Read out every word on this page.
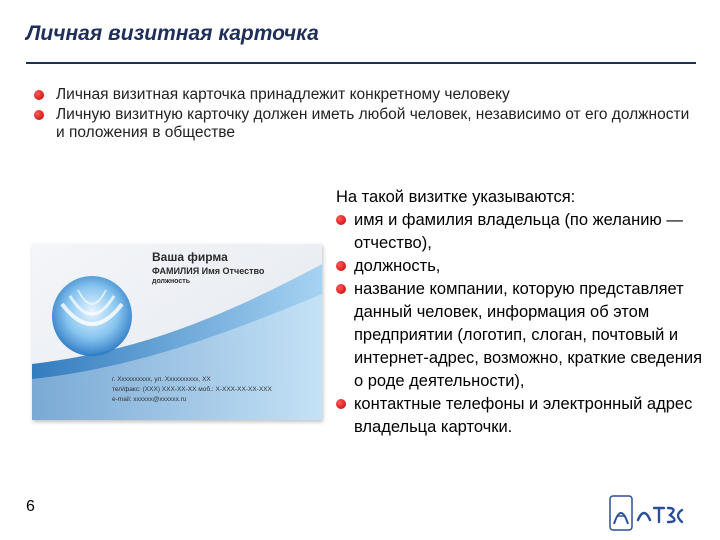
Личная визитная карточка
Личная визитная карточка принадлежит конкретному человеку
Личную визитную карточку должен иметь любой человек, независимо от его должности и положения в обществе
Ваша фирма
ФАМИЛИЯ Имя Отчество
должность
г. Хххххххххх, ул. Хххххххххх, ХХ
тел/факс: (ХХХ) ХХХ-ХХ-ХХ моб.: Х-ХХХ-ХХ-ХХ-ХХХ
e-mail: хххххх@хххххх.ru

На такой визитке указываются:

имя и фамилия владельца (по желанию — отчество),
должность,
название компании, которую представляет данный человек, информация об этом предприятии (логотип, слоган, почтовый и интернет-адрес, возможно, краткие сведения о роде деятельности),
контактные телефоны и электронный адрес владельца карточки.
6
